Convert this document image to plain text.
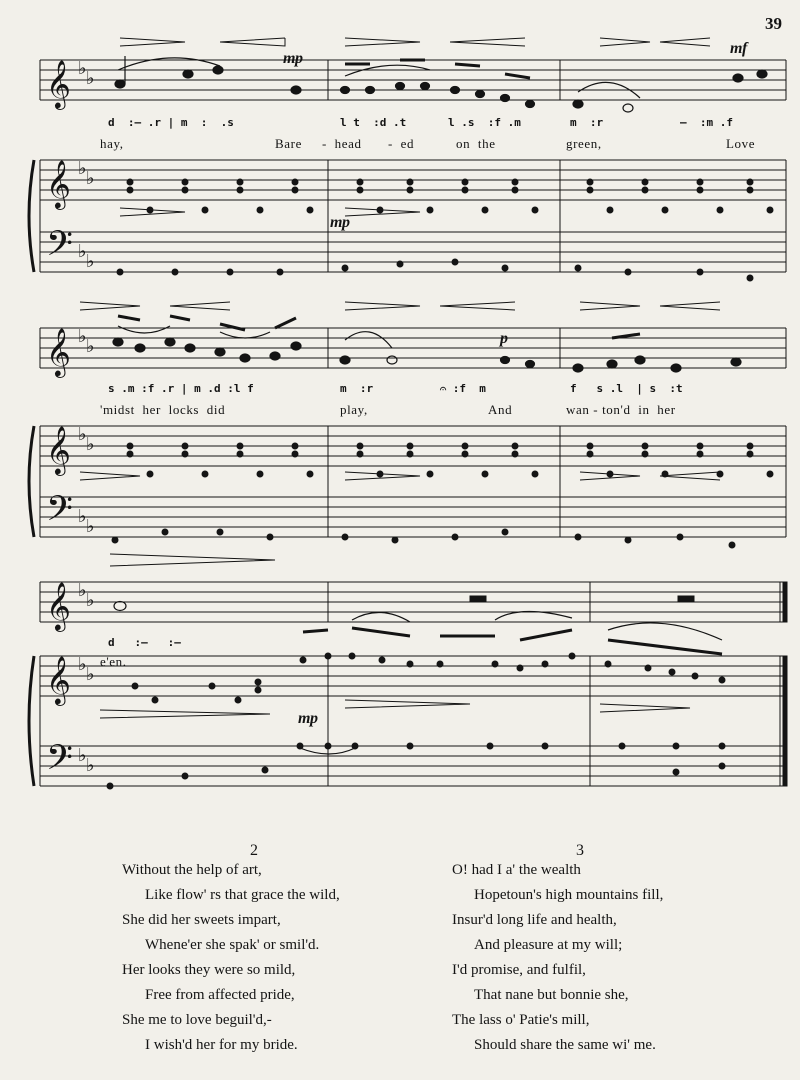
39
𝄞
𝄞
𝄢
𝄞
𝄞
𝄢
𝄞
𝄞
𝄢
♭ ♭
♭ ♭
♭ ♭
♭ ♭
♭ ♭
♭ ♭
♭ ♭
♭ ♭
♭ ♭
mp
mf
mp
p
mp
d  :— .r | m  :  .s	l t  :d .t	l .s  :f .m	m  :r	—  :m .f
hay,	Bare -  head -  ed	on  the	green,	Love
s .m :f .r | m .d :l f	m  :r	𝄐 :f  m	f   s .l  | s  :t
'midst  her  locks  did	play,	And	wan - ton'd  in  her
d   :—   :—
e'en.
2
Without the help of art,
Like flow' rs that grace the wild,
She did her sweets impart,
Whene'er she spak' or smil'd.
Her looks they were so mild,
Free from affected pride,
She me to love beguil'd,-
I wish'd her for my bride.
3
O! had I a' the wealth
Hopetoun's high mountains fill,
Insur'd long life and health,
And pleasure at my will;
I'd promise, and fulfil,
That nane but bonnie she,
The lass o' Patie's mill,
Should share the same wi' me.
